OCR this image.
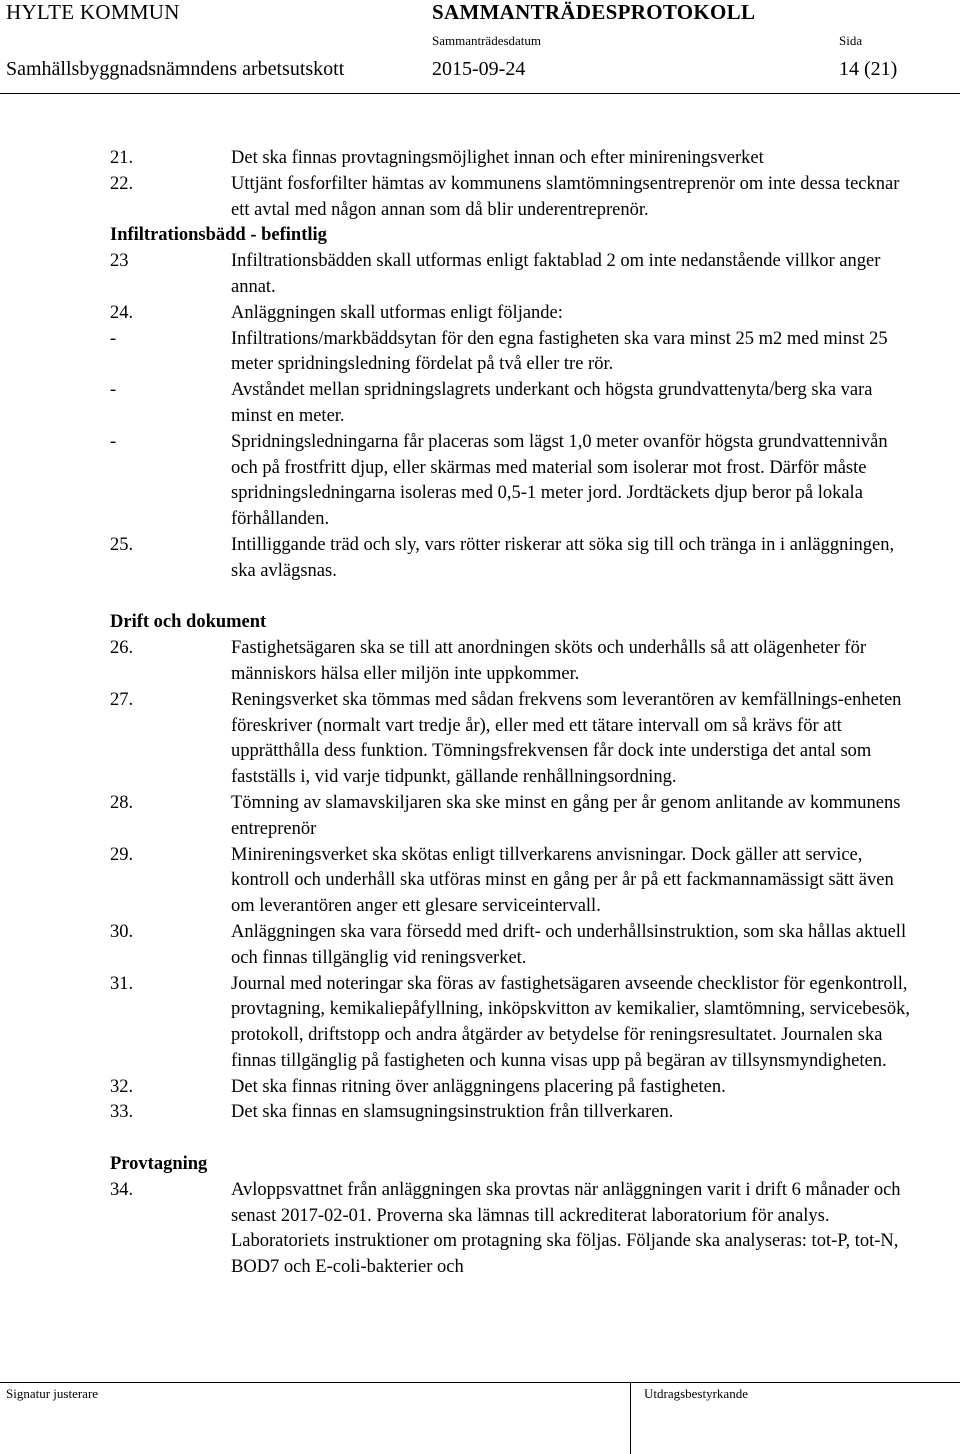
HYLTE KOMMUN	SAMMANTRÄDESPROTOKOLL
Sammanträdesdatum	Sida
Samhällsbyggnadsnämndens arbetsutskott	2015-09-24	14 (21)
21.	Det ska finnas provtagningsmöjlighet innan och efter minireningsverket
22.	Uttjänt fosforfilter hämtas av kommunens slamtömningsentreprenör om inte dessa tecknar ett avtal med någon annan som då blir underentreprenör.
Infiltrationsbädd - befintlig
23	Infiltrationsbädden skall utformas enligt faktablad 2 om inte nedanstående villkor anger annat.
24.	Anläggningen skall utformas enligt följande:
-	Infiltrations/markbäddsytan för den egna fastigheten ska vara minst 25 m2 med minst 25 meter spridningsledning fördelat på två eller tre rör.
-	Avståndet mellan spridningslagrets underkant och högsta grundvattenyta/berg ska vara minst en meter.
-	Spridningsledningarna får placeras som lägst 1,0 meter ovanför högsta grundvattennivån och på frostfritt djup, eller skärmas med material som isolerar mot frost. Därför måste spridningsledningarna isoleras med 0,5-1 meter jord. Jordtäckets djup beror på lokala förhållanden.
25.	Intilliggande träd och sly, vars rötter riskerar att söka sig till och tränga in i anläggningen, ska avlägsnas.
Drift och dokument
26.	Fastighetsägaren ska se till att anordningen sköts och underhålls så att olägenheter för människors hälsa eller miljön inte uppkommer.
27.	Reningsverket ska tömmas med sådan frekvens som leverantören av kemfällnings-enheten föreskriver (normalt vart tredje år), eller med ett tätare intervall om så krävs för att upprätthålla dess funktion. Tömningsfrekvensen får dock inte understiga det antal som fastställs i, vid varje tidpunkt, gällande renhållningsordning.
28.	Tömning av slamavskiljaren ska ske minst en gång per år genom anlitande av kommunens entreprenör
29.	Minireningsverket ska skötas enligt tillverkarens anvisningar. Dock gäller att service, kontroll och underhåll ska utföras minst en gång per år på ett fackmannamässigt sätt även om leverantören anger ett glesare serviceintervall.
30.	Anläggningen ska vara försedd med drift- och underhållsinstruktion, som ska hållas aktuell och finnas tillgänglig vid reningsverket.
31.	Journal med noteringar ska föras av fastighetsägaren avseende checklistor för egenkontroll, provtagning, kemikaliepåfyllning, inköpskvitton av kemikalier, slamtömning, servicebesök, protokoll, driftstopp och andra åtgärder av betydelse för reningsresultatet. Journalen ska finnas tillgänglig på fastigheten och kunna visas upp på begäran av tillsynsmyndigheten.
32.	Det ska finnas ritning över anläggningens placering på fastigheten.
33.	Det ska finnas en slamsugningsinstruktion från tillverkaren.
Provtagning
34.	Avloppsvattnet från anläggningen ska provtas när anläggningen varit i drift 6 månader och senast 2017-02-01. Proverna ska lämnas till ackrediterat laboratorium för analys. Laboratoriets instruktioner om protagning ska följas. Följande ska analyseras: tot-P, tot-N, BOD7 och E-coli-bakterier och
Signatur justerare	Utdragsbestyrkande
